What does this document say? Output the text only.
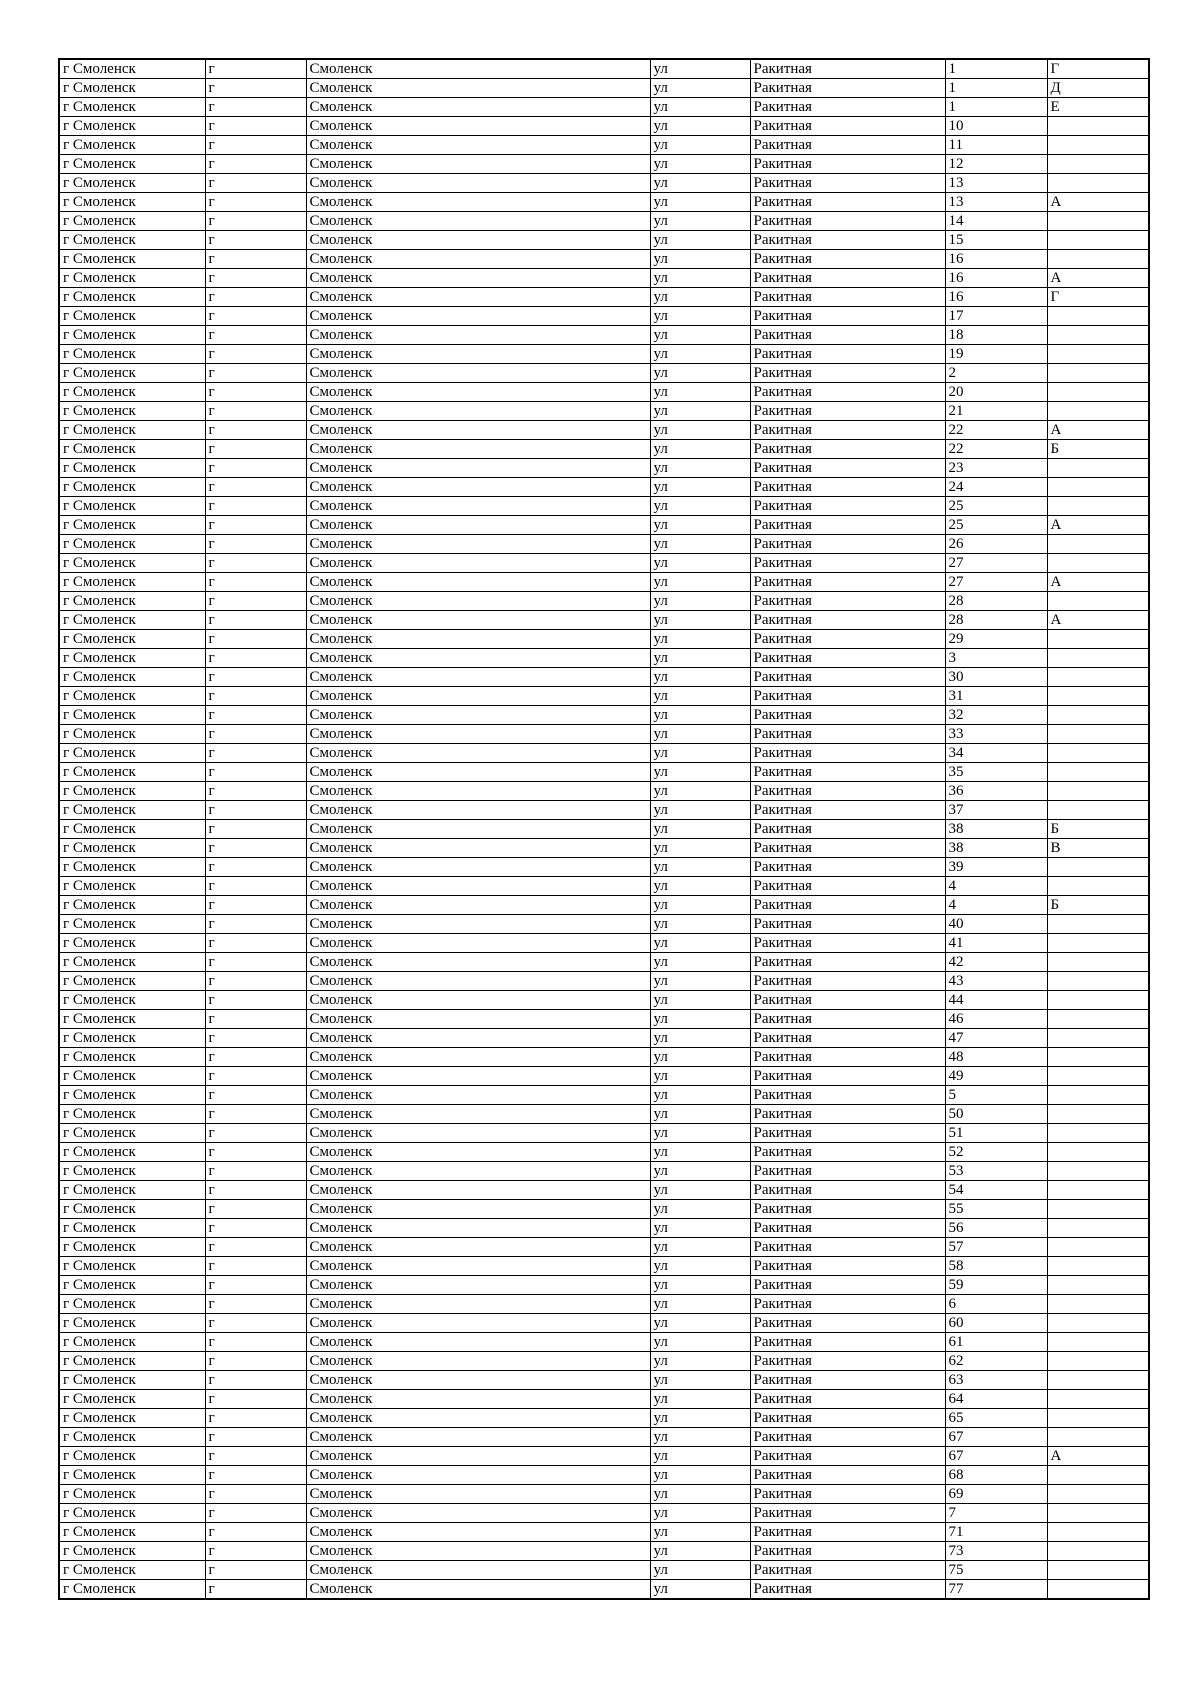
г Смоленск	г	Смоленск	ул	Ракитная	1	Г
г Смоленск	г	Смоленск	ул	Ракитная	1	Д
г Смоленск	г	Смоленск	ул	Ракитная	1	Е
г Смоленск	г	Смоленск	ул	Ракитная	10	
г Смоленск	г	Смоленск	ул	Ракитная	11	
г Смоленск	г	Смоленск	ул	Ракитная	12	
г Смоленск	г	Смоленск	ул	Ракитная	13	
г Смоленск	г	Смоленск	ул	Ракитная	13	А
г Смоленск	г	Смоленск	ул	Ракитная	14	
г Смоленск	г	Смоленск	ул	Ракитная	15	
г Смоленск	г	Смоленск	ул	Ракитная	16	
г Смоленск	г	Смоленск	ул	Ракитная	16	А
г Смоленск	г	Смоленск	ул	Ракитная	16	Г
г Смоленск	г	Смоленск	ул	Ракитная	17	
г Смоленск	г	Смоленск	ул	Ракитная	18	
г Смоленск	г	Смоленск	ул	Ракитная	19	
г Смоленск	г	Смоленск	ул	Ракитная	2	
г Смоленск	г	Смоленск	ул	Ракитная	20	
г Смоленск	г	Смоленск	ул	Ракитная	21	
г Смоленск	г	Смоленск	ул	Ракитная	22	А
г Смоленск	г	Смоленск	ул	Ракитная	22	Б
г Смоленск	г	Смоленск	ул	Ракитная	23	
г Смоленск	г	Смоленск	ул	Ракитная	24	
г Смоленск	г	Смоленск	ул	Ракитная	25	
г Смоленск	г	Смоленск	ул	Ракитная	25	А
г Смоленск	г	Смоленск	ул	Ракитная	26	
г Смоленск	г	Смоленск	ул	Ракитная	27	
г Смоленск	г	Смоленск	ул	Ракитная	27	А
г Смоленск	г	Смоленск	ул	Ракитная	28	
г Смоленск	г	Смоленск	ул	Ракитная	28	А
г Смоленск	г	Смоленск	ул	Ракитная	29	
г Смоленск	г	Смоленск	ул	Ракитная	3	
г Смоленск	г	Смоленск	ул	Ракитная	30	
г Смоленск	г	Смоленск	ул	Ракитная	31	
г Смоленск	г	Смоленск	ул	Ракитная	32	
г Смоленск	г	Смоленск	ул	Ракитная	33	
г Смоленск	г	Смоленск	ул	Ракитная	34	
г Смоленск	г	Смоленск	ул	Ракитная	35	
г Смоленск	г	Смоленск	ул	Ракитная	36	
г Смоленск	г	Смоленск	ул	Ракитная	37	
г Смоленск	г	Смоленск	ул	Ракитная	38	Б
г Смоленск	г	Смоленск	ул	Ракитная	38	В
г Смоленск	г	Смоленск	ул	Ракитная	39	
г Смоленск	г	Смоленск	ул	Ракитная	4	
г Смоленск	г	Смоленск	ул	Ракитная	4	Б
г Смоленск	г	Смоленск	ул	Ракитная	40	
г Смоленск	г	Смоленск	ул	Ракитная	41	
г Смоленск	г	Смоленск	ул	Ракитная	42	
г Смоленск	г	Смоленск	ул	Ракитная	43	
г Смоленск	г	Смоленск	ул	Ракитная	44	
г Смоленск	г	Смоленск	ул	Ракитная	46	
г Смоленск	г	Смоленск	ул	Ракитная	47	
г Смоленск	г	Смоленск	ул	Ракитная	48	
г Смоленск	г	Смоленск	ул	Ракитная	49	
г Смоленск	г	Смоленск	ул	Ракитная	5	
г Смоленск	г	Смоленск	ул	Ракитная	50	
г Смоленск	г	Смоленск	ул	Ракитная	51	
г Смоленск	г	Смоленск	ул	Ракитная	52	
г Смоленск	г	Смоленск	ул	Ракитная	53	
г Смоленск	г	Смоленск	ул	Ракитная	54	
г Смоленск	г	Смоленск	ул	Ракитная	55	
г Смоленск	г	Смоленск	ул	Ракитная	56	
г Смоленск	г	Смоленск	ул	Ракитная	57	
г Смоленск	г	Смоленск	ул	Ракитная	58	
г Смоленск	г	Смоленск	ул	Ракитная	59	
г Смоленск	г	Смоленск	ул	Ракитная	6	
г Смоленск	г	Смоленск	ул	Ракитная	60	
г Смоленск	г	Смоленск	ул	Ракитная	61	
г Смоленск	г	Смоленск	ул	Ракитная	62	
г Смоленск	г	Смоленск	ул	Ракитная	63	
г Смоленск	г	Смоленск	ул	Ракитная	64	
г Смоленск	г	Смоленск	ул	Ракитная	65	
г Смоленск	г	Смоленск	ул	Ракитная	67	
г Смоленск	г	Смоленск	ул	Ракитная	67	А
г Смоленск	г	Смоленск	ул	Ракитная	68	
г Смоленск	г	Смоленск	ул	Ракитная	69	
г Смоленск	г	Смоленск	ул	Ракитная	7	
г Смоленск	г	Смоленск	ул	Ракитная	71	
г Смоленск	г	Смоленск	ул	Ракитная	73	
г Смоленск	г	Смоленск	ул	Ракитная	75	
г Смоленск	г	Смоленск	ул	Ракитная	77	
